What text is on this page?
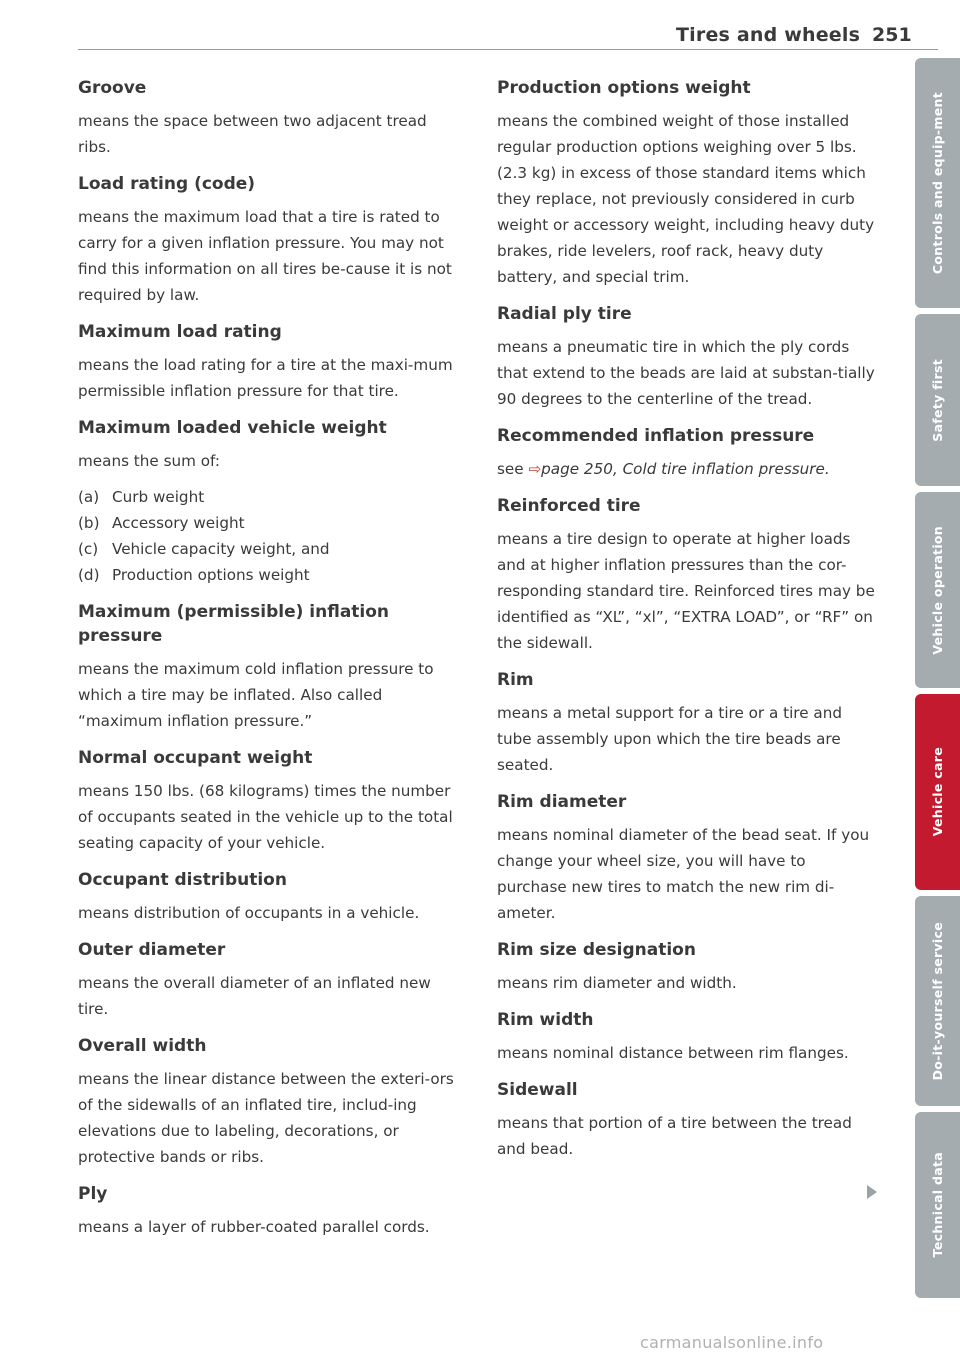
Tires and wheels 251
Groove

means the space between two adjacent tread ribs.

Load rating (code)

means the maximum load that a tire is rated to carry for a given inflation pressure. You may not find this information on all tires be-cause it is not required by law.

Maximum load rating

means the load rating for a tire at the maxi-mum permissible inflation pressure for that tire.

Maximum loaded vehicle weight

means the sum of:

(a) Curb weight
(b) Accessory weight
(c) Vehicle capacity weight, and
(d) Production options weight
Maximum (permissible) inflation pressure

means the maximum cold inflation pressure to which a tire may be inflated. Also called “maximum inflation pressure.”

Normal occupant weight

means 150 lbs. (68 kilograms) times the number of occupants seated in the vehicle up to the total seating capacity of your vehicle.

Occupant distribution

means distribution of occupants in a vehicle.

Outer diameter

means the overall diameter of an inflated new tire.

Overall width

means the linear distance between the exteri-ors of the sidewalls of an inflated tire, includ-ing elevations due to labeling, decorations, or protective bands or ribs.

Ply

means a layer of rubber-coated parallel cords.

Production options weight

means the combined weight of those installed regular production options weighing over 5 lbs. (2.3 kg) in excess of those standard items which they replace, not previously considered in curb weight or accessory weight, including heavy duty brakes, ride levelers, roof rack, heavy duty battery, and special trim.

Radial ply tire

means a pneumatic tire in which the ply cords that extend to the beads are laid at substan-tially 90 degrees to the centerline of the tread.

Recommended inflation pressure

see ⇨page 250, Cold tire inflation pressure.

Reinforced tire

means a tire design to operate at higher loads and at higher inflation pressures than the cor-responding standard tire. Reinforced tires may be identified as “XL”, “xl”, “EXTRA LOAD”, or “RF” on the sidewall.

Rim

means a metal support for a tire or a tire and tube assembly upon which the tire beads are seated.

Rim diameter

means nominal diameter of the bead seat. If you change your wheel size, you will have to purchase new tires to match the new rim di-ameter.

Rim size designation

means rim diameter and width.

Rim width

means nominal distance between rim flanges.

Sidewall

means that portion of a tire between the tread and bead.

Controls and equip-ment
Safety first
Vehicle operation
Vehicle care
Do-it-yourself service
Technical data
carmanualsonline.info
